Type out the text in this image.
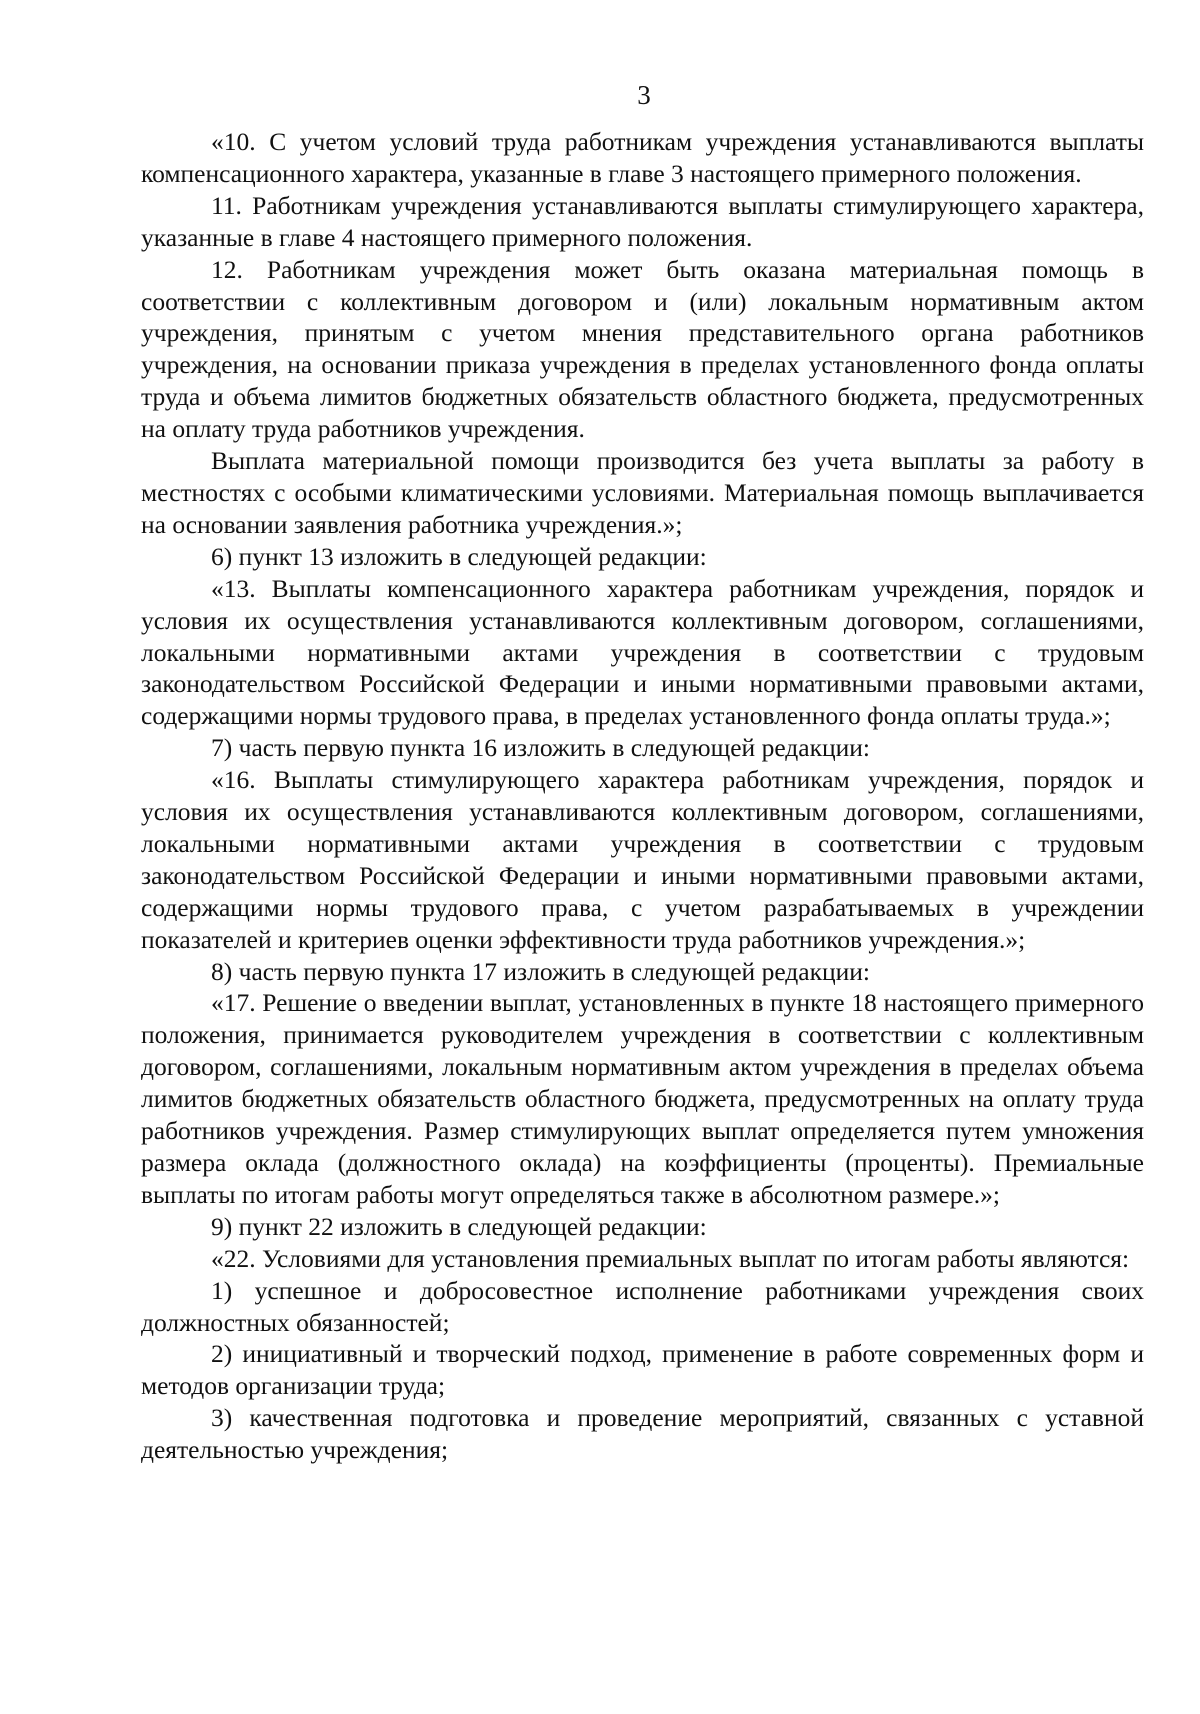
3

«10. С учетом условий труда работникам учреждения устанавливаются выплаты компенсационного характера, указанные в главе 3 настоящего примерного положения.

11. Работникам учреждения устанавливаются выплаты стимулирующего характера, указанные в главе 4 настоящего примерного положения.

12. Работникам учреждения может быть оказана материальная помощь в соответствии с коллективным договором и (или) локальным нормативным актом учреждения, принятым с учетом мнения представительного органа работников учреждения, на основании приказа учреждения в пределах установленного фонда оплаты труда и объема лимитов бюджетных обязательств областного бюджета, предусмотренных на оплату труда работников учреждения.

Выплата материальной помощи производится без учета выплаты за работу в местностях с особыми климатическими условиями. Материальная помощь выплачивается на основании заявления работника учреждения.»;

6) пункт 13 изложить в следующей редакции:

«13. Выплаты компенсационного характера работникам учреждения, порядок и условия их осуществления устанавливаются коллективным договором, соглашениями, локальными нормативными актами учреждения в соответствии с трудовым законодательством Российской Федерации и иными нормативными правовыми актами, содержащими нормы трудового права, в пределах установленного фонда оплаты труда.»;

7) часть первую пункта 16 изложить в следующей редакции:

«16. Выплаты стимулирующего характера работникам учреждения, порядок и условия их осуществления устанавливаются коллективным договором, соглашениями, локальными нормативными актами учреждения в соответствии с трудовым законодательством Российской Федерации и иными нормативными правовыми актами, содержащими нормы трудового права, с учетом разрабатываемых в учреждении показателей и критериев оценки эффективности труда работников учреждения.»;

8) часть первую пункта 17 изложить в следующей редакции:

«17. Решение о введении выплат, установленных в пункте 18 настоящего примерного положения, принимается руководителем учреждения в соответствии с коллективным договором, соглашениями, локальным нормативным актом учреждения в пределах объема лимитов бюджетных обязательств областного бюджета, предусмотренных на оплату труда работников учреждения. Размер стимулирующих выплат определяется путем умножения размера оклада (должностного оклада) на коэффициенты (проценты). Премиальные выплаты по итогам работы могут определяться также в абсолютном размере.»;

9) пункт 22 изложить в следующей редакции:

«22. Условиями для установления премиальных выплат по итогам работы являются:

1) успешное и добросовестное исполнение работниками учреждения своих должностных обязанностей;

2) инициативный и творческий подход, применение в работе современных форм и методов организации труда;

3) качественная подготовка и проведение мероприятий, связанных с уставной деятельностью учреждения;
